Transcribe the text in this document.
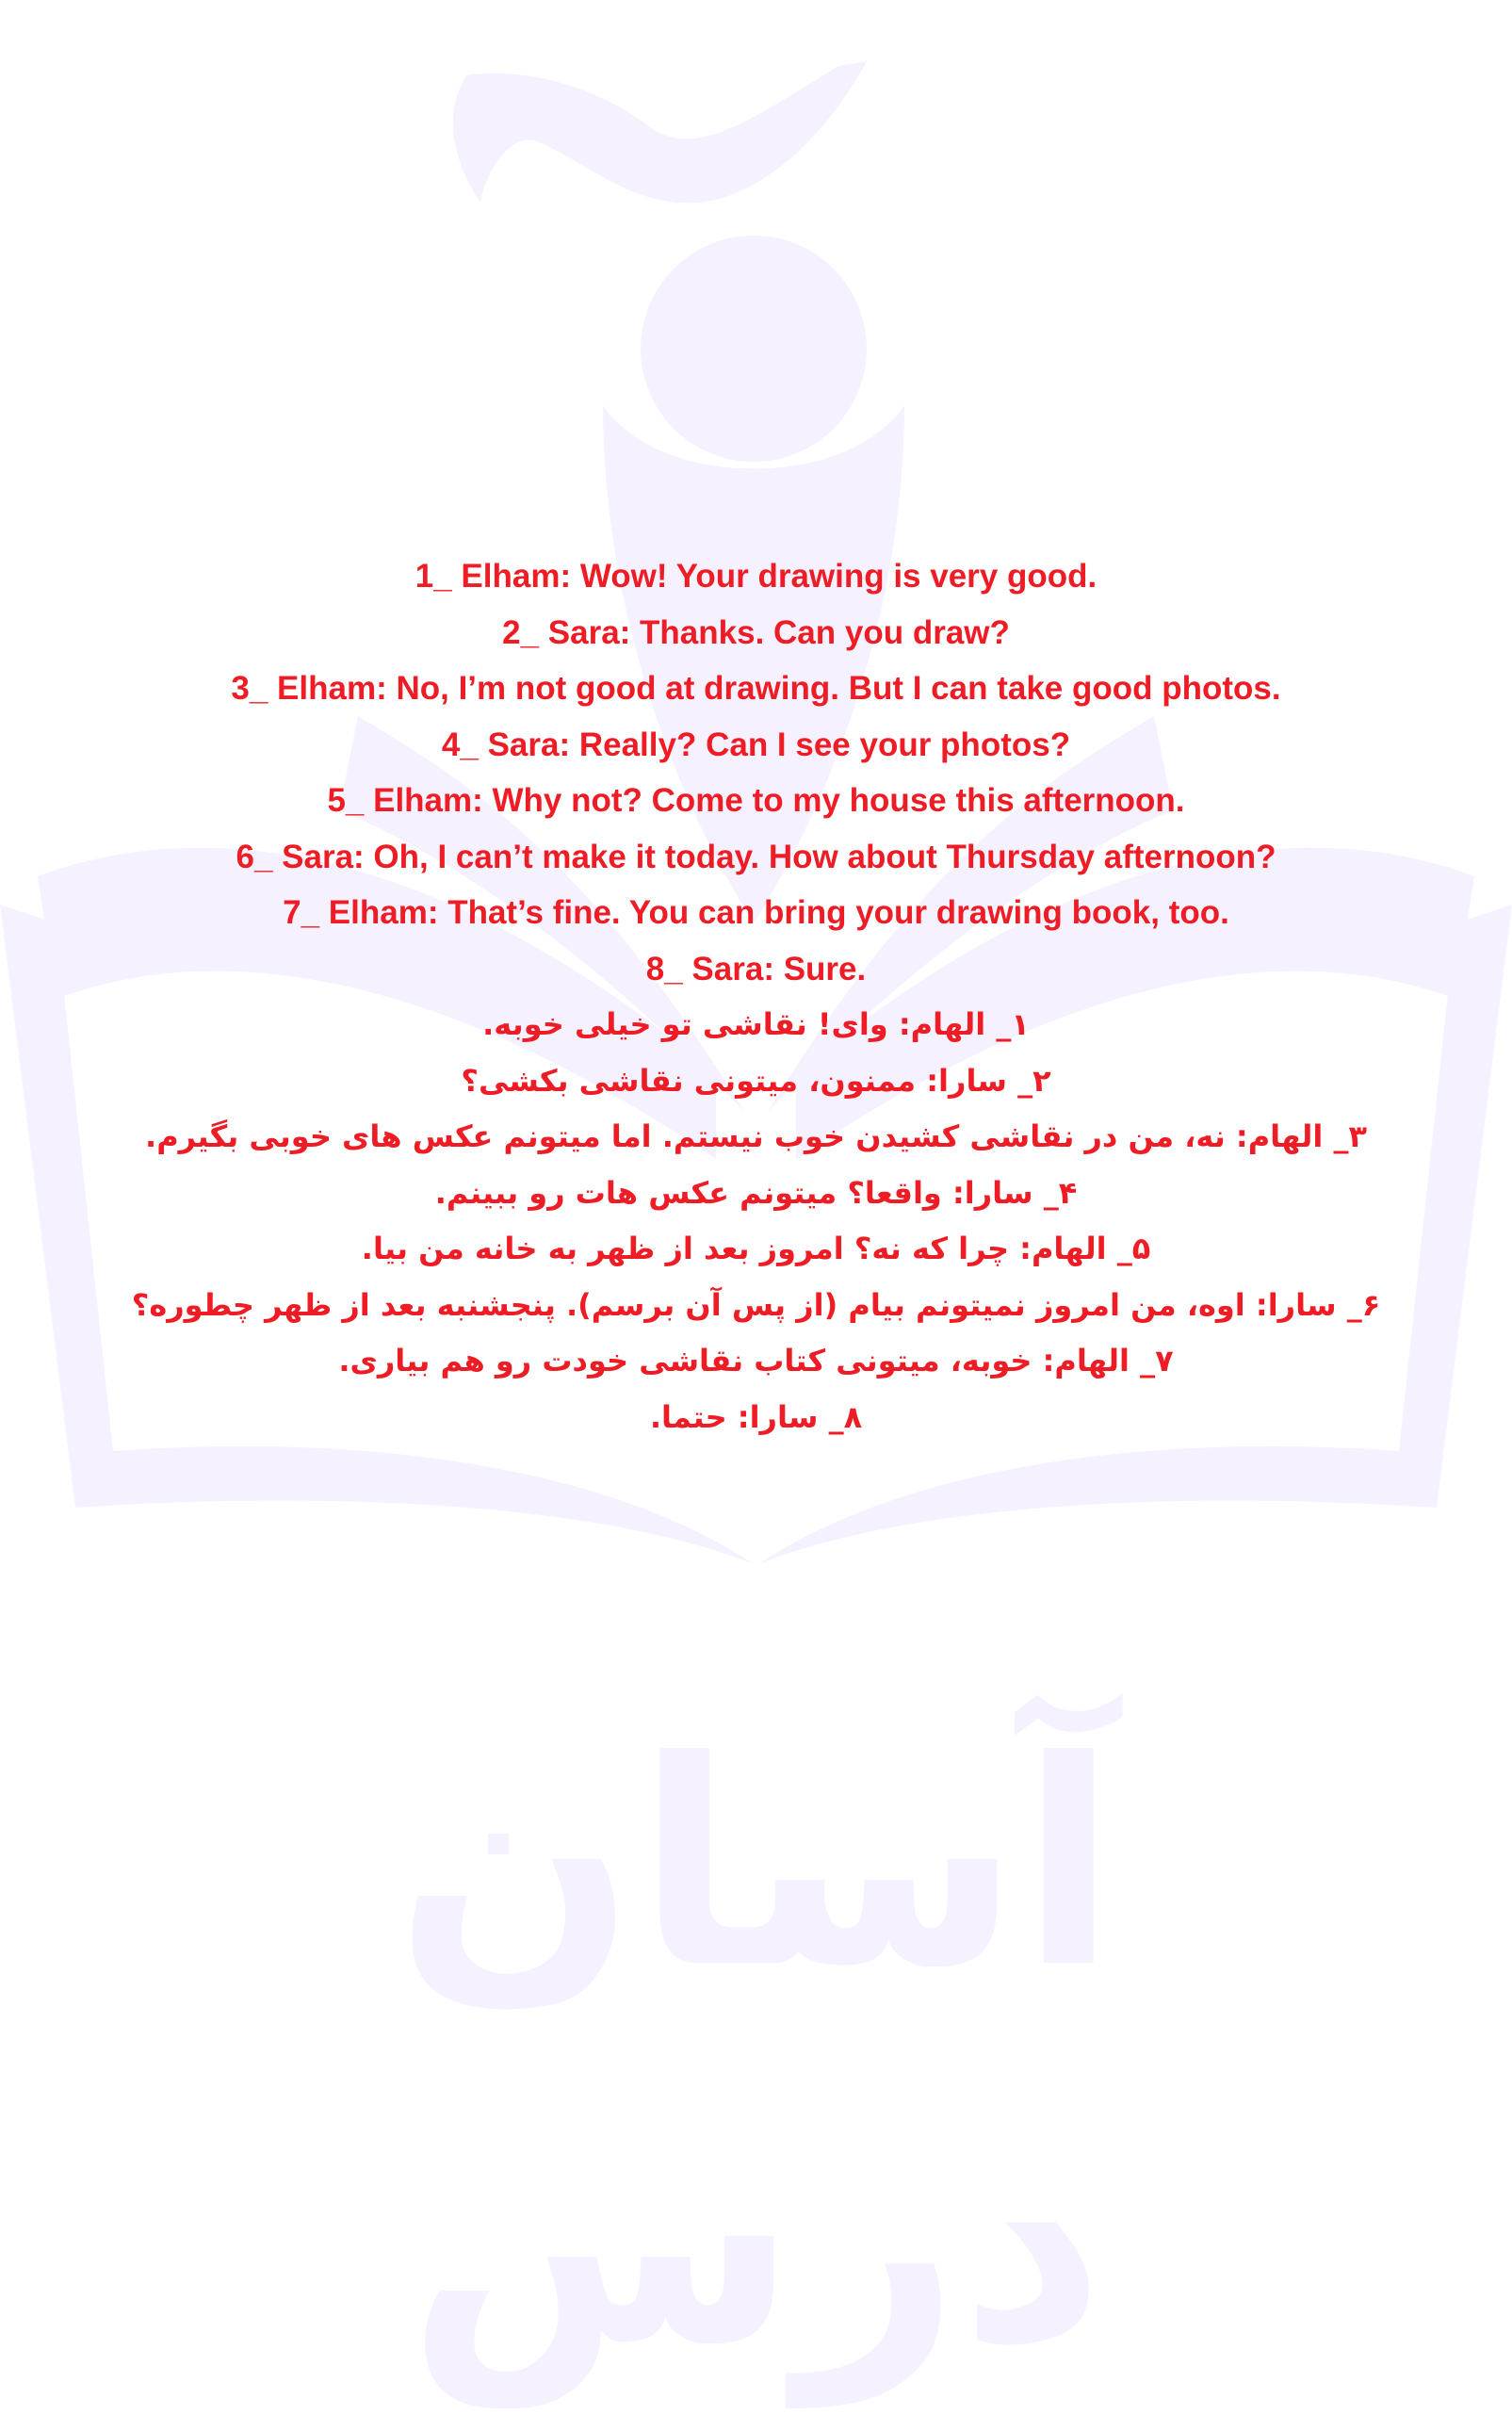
آسان درس
1_ Elham: Wow! Your drawing is very good.
2_ Sara: Thanks. Can you draw?
3_ Elham: No, I’m not good at drawing. But I can take good photos.
4_ Sara: Really? Can I see your photos?
5_ Elham: Why not? Come to my house this afternoon.
6_ Sara: Oh, I can’t make it today. How about Thursday afternoon?
7_ Elham: That’s fine. You can bring your drawing book, too.
8_ Sara: Sure.
۱_ الهام: وای! نقاشی تو خیلی خوبه.
۲_ سارا: ممنون، میتونی نقاشی بکشی؟
۳_ الهام: نه، من در نقاشی کشیدن خوب نیستم. اما میتونم عکس های خوبی بگیرم.
۴_ سارا: واقعا؟ میتونم عکس هات رو ببینم.
۵_ الهام: چرا که نه؟ امروز بعد از ظهر به خانه من بیا.
۶_ سارا: اوه، من امروز نمیتونم بیام (از پس آن برسم). پنجشنبه بعد از ظهر چطوره؟
۷_ الهام: خوبه، میتونی کتاب نقاشی خودت رو هم بیاری.
۸_ سارا: حتما.
